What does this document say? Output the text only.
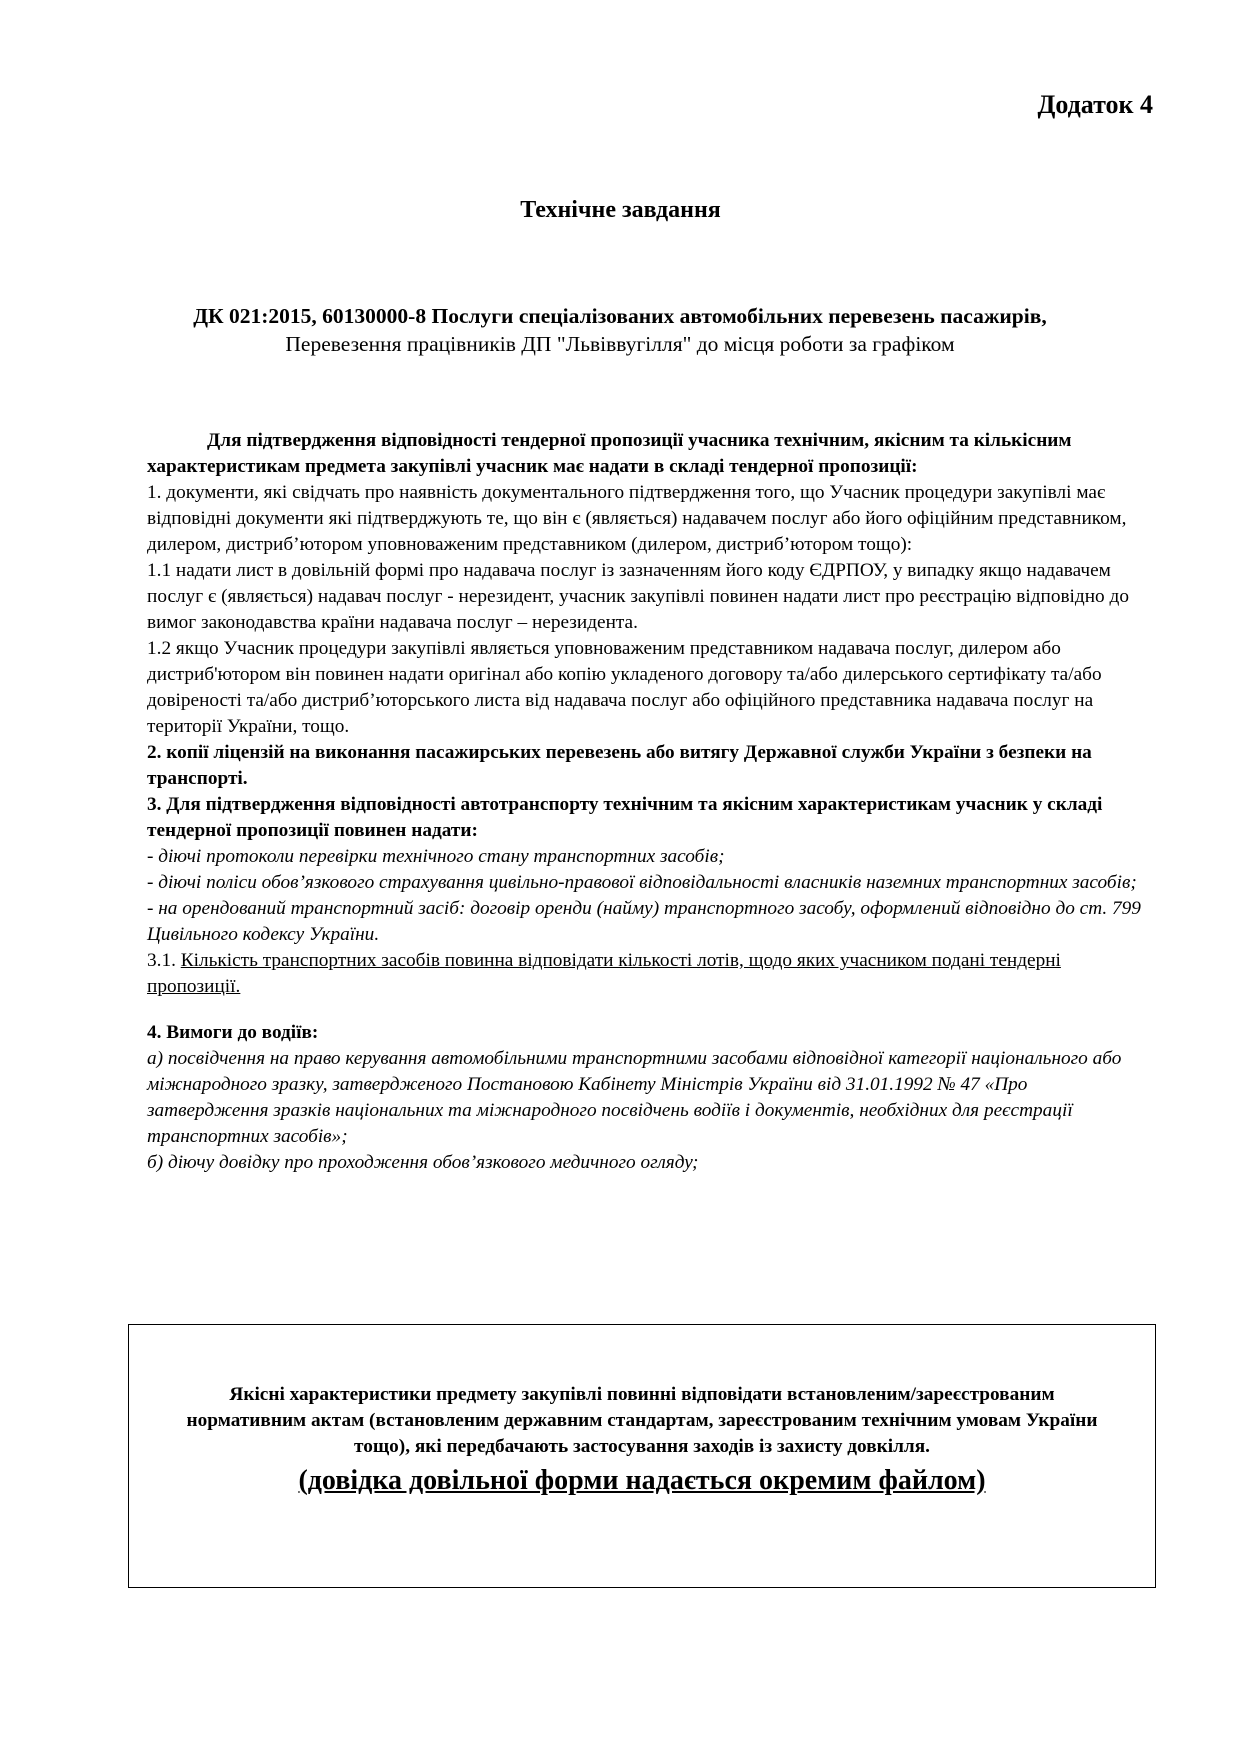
Додаток 4
Технічне завдання
ДК 021:2015, 60130000-8 Послуги спеціалізованих автомобільних перевезень пасажирів,
Перевезення працівників ДП "Львіввугілля" до місця роботи за графіком

Для підтвердження відповідності тендерної пропозиції учасника технічним, якісним та кількісним характеристикам предмета закупівлі учасник має надати в складі тендерної пропозиції:

1. документи, які свідчать про наявність документального підтвердження того, що Учасник процедури закупівлі має відповідні документи які підтверджують те, що він є (являється) надавачем послуг або його офіційним представником, дилером, дистриб’ютором уповноваженим представником (дилером, дистриб’ютором тощо):

1.1 надати лист в довільній формі про надавача послуг із зазначенням його коду ЄДРПОУ, у випадку якщо надавачем послуг є (являється) надавач послуг - нерезидент, учасник закупівлі повинен надати лист про реєстрацію відповідно до вимог законодавства країни надавача послуг – нерезидента.

1.2 якщо Учасник процедури закупівлі являється уповноваженим представником надавача послуг, дилером або дистриб'ютором він повинен надати оригінал або копію укладеного договору та/або дилерського сертифікату та/або довіреності та/або дистриб’юторського листа від надавача послуг або офіційного представника надавача послуг на території України, тощо.

2. копії ліцензій на виконання пасажирських перевезень або витягу Державної служби України з безпеки на транспорті.

3. Для підтвердження відповідності автотранспорту технічним та якісним характеристикам учасник у складі тендерної пропозиції повинен надати:

- діючі протоколи перевірки технічного стану транспортних засобів;

- діючі поліси обов’язкового страхування цивільно-правової відповідальності власників наземних транспортних засобів;

- на орендований транспортний засіб: договір оренди (найму) транспортного засобу, оформлений відповідно до ст. 799 Цивільного кодексу України.

3.1. Кількість транспортних засобів повинна відповідати кількості лотів, щодо яких учасником подані тендерні пропозиції.

4. Вимоги до водіїв:

а) посвідчення на право керування автомобільними транспортними засобами відповідної категорії національного або міжнародного зразку, затвердженого Постановою Кабінету Міністрів України від 31.01.1992 № 47 «Про затвердження зразків національних та міжнародного посвідчень водіїв і документів, необхідних для реєстрації транспортних засобів»;

б) діючу довідку про проходження обов’язкового медичного огляду;

Якісні характеристики предмету закупівлі повинні відповідати встановленим/зареєстрованим нормативним актам (встановленим державним стандартам, зареєстрованим технічним умовам України тощо), які передбачають застосування заходів із захисту довкілля.

(довідка довільної форми надається окремим файлом)
